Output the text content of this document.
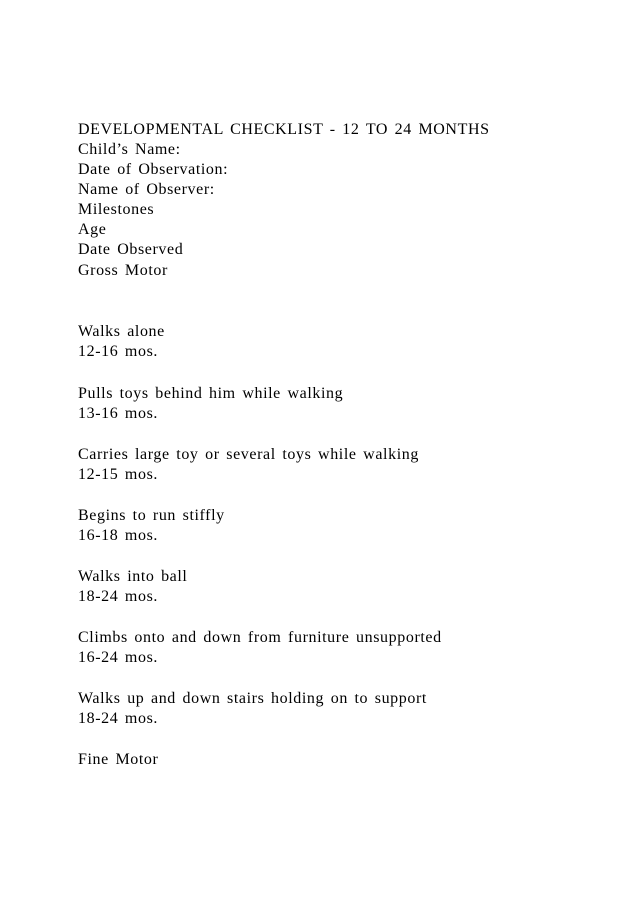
DEVELOPMENTAL CHECKLIST - 12 TO 24 MONTHS
Child’s Name:
Date of Observation:
Name of Observer:
Milestones
Age
Date Observed
Gross Motor
Walks alone
12-16 mos.
Pulls toys behind him while walking
13-16 mos.
Carries large toy or several toys while walking
12-15 mos.
Begins to run stiffly
16-18 mos.
Walks into ball
18-24 mos.
Climbs onto and down from furniture unsupported
16-24 mos.
Walks up and down stairs holding on to support
18-24 mos.
Fine Motor
